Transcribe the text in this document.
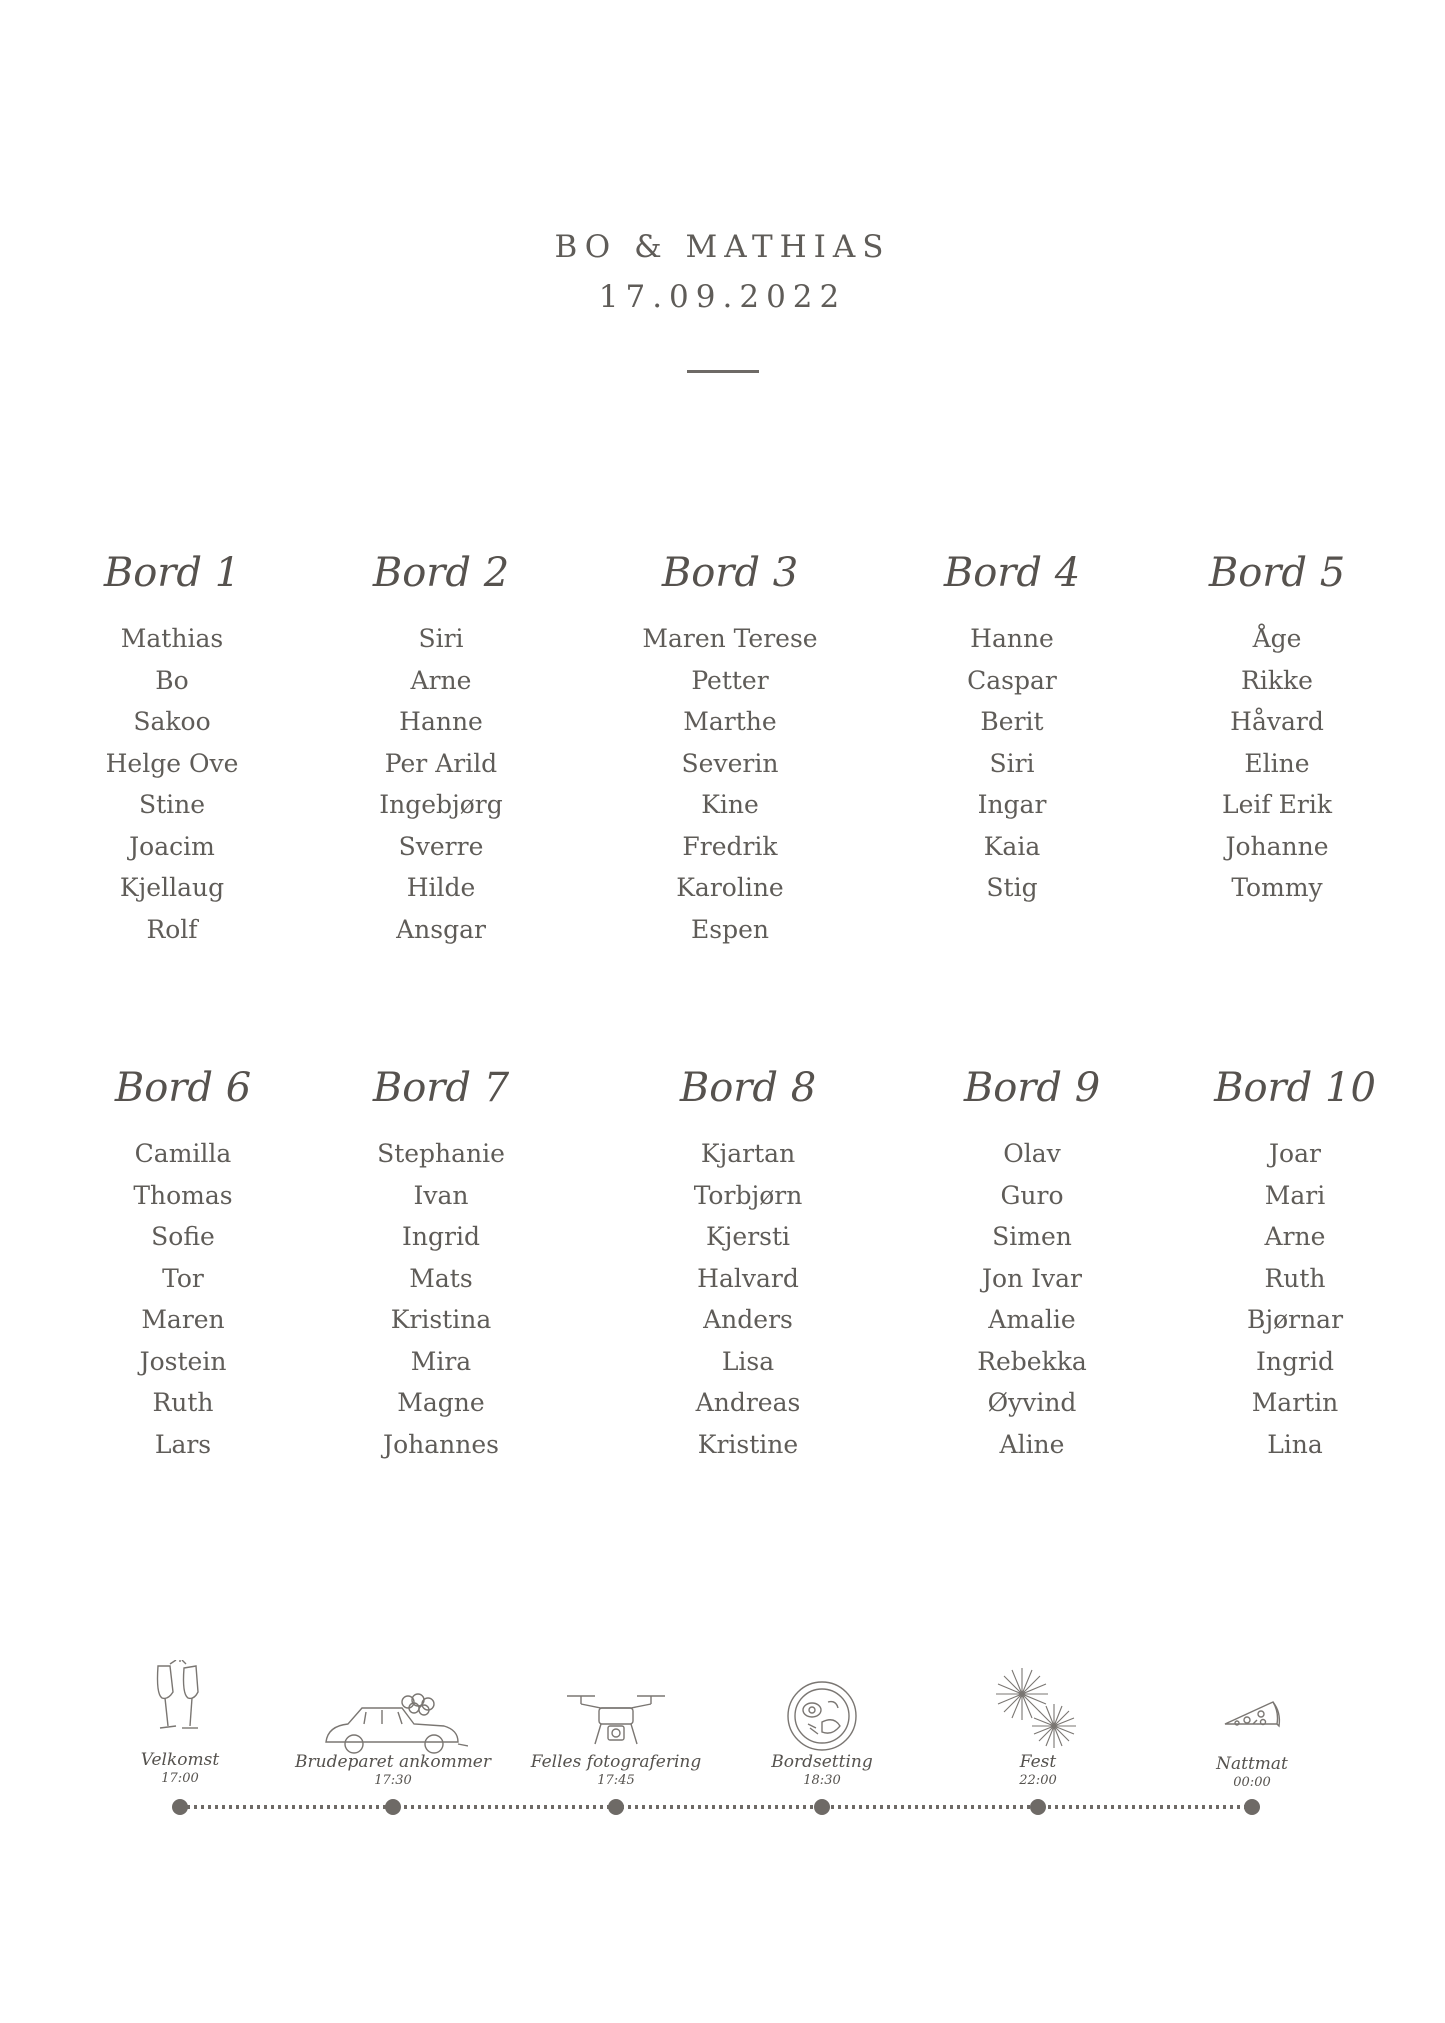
BO & MATHIAS
17.09.2022
Bord 1
Mathias
Bo
Sakoo
Helge Ove
Stine
Joacim
Kjellaug
Rolf
Bord 2
Siri
Arne
Hanne
Per Arild
Ingebjørg
Sverre
Hilde
Ansgar
Bord 3
Maren Terese
Petter
Marthe
Severin
Kine
Fredrik
Karoline
Espen
Bord 4
Hanne
Caspar
Berit
Siri
Ingar
Kaia
Stig
Bord 5
Åge
Rikke
Håvard
Eline
Leif Erik
Johanne
Tommy
Bord 6
Camilla
Thomas
Sofie
Tor
Maren
Jostein
Ruth
Lars
Bord 7
Stephanie
Ivan
Ingrid
Mats
Kristina
Mira
Magne
Johannes
Bord 8
Kjartan
Torbjørn
Kjersti
Halvard
Anders
Lisa
Andreas
Kristine
Bord 9
Olav
Guro
Simen
Jon Ivar
Amalie
Rebekka
Øyvind
Aline
Bord 10
Joar
Mari
Arne
Ruth
Bjørnar
Ingrid
Martin
Lina
Velkomst
17:00
Brudeparet ankommer
17:30
Felles fotografering
17:45
Bordsetting
18:30
Fest
22:00
Nattmat
00:00
